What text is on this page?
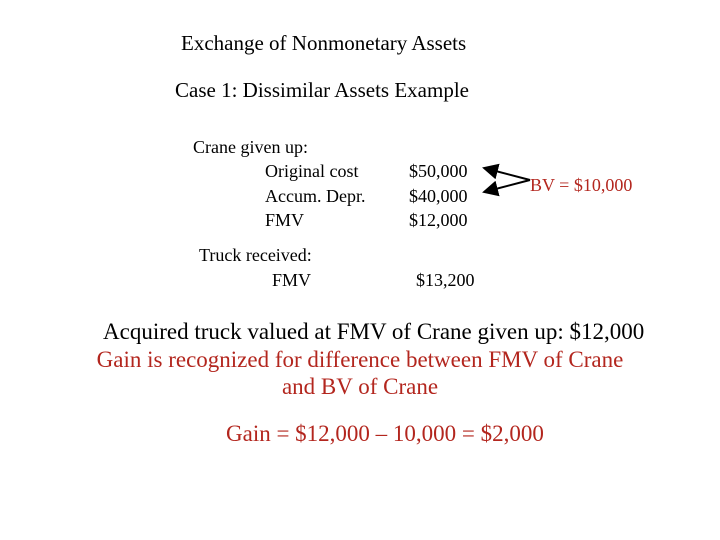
Exchange of Nonmonetary Assets
Case 1: Dissimilar Assets Example
Crane given up:
Original cost
Accum. Depr.
FMV
$50,000
$40,000
$12,000
BV = $10,000
Truck received:
FMV	$13,200
Acquired truck valued at FMV of Crane given up: $12,000
Gain is recognized for difference between FMV of Crane
and BV of Crane
Gain = $12,000 – 10,000 = $2,000
